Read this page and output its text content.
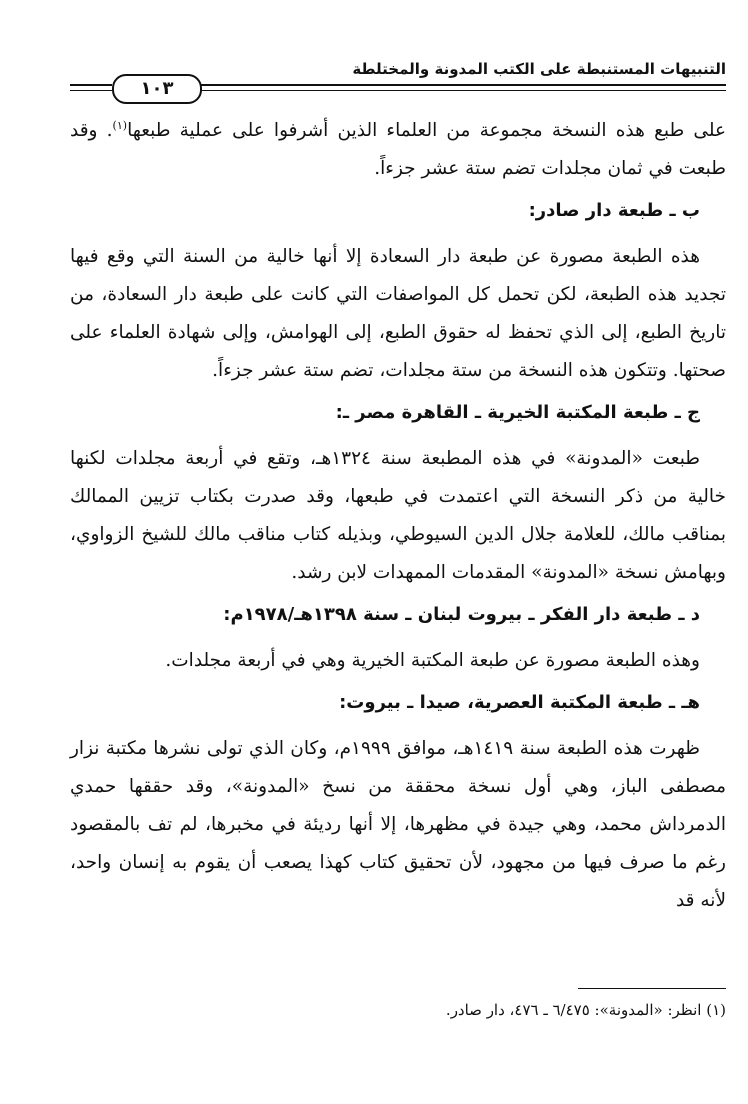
التنبيهات المستنبطة على الكتب المدونة والمختلطة
١٠٣

على طبع هذه النسخة مجموعة من العلماء الذين أشرفوا على عملية طبعها$^{(١)}$. وقد طبعت في ثمان مجلدات تضم ستة عشر جزءاً.

ب ـ طبعة دار صادر:

هذه الطبعة مصورة عن طبعة دار السعادة إلا أنها خالية من السنة التي وقع فيها تجديد هذه الطبعة، لكن تحمل كل المواصفات التي كانت على طبعة دار السعادة، من تاريخ الطبع، إلى الذي تحفظ له حقوق الطبع، إلى الهوامش، وإلى شهادة العلماء على صحتها. وتتكون هذه النسخة من ستة مجلدات، تضم ستة عشر جزءاً.

ج ـ طبعة المكتبة الخيرية ـ القاهرة مصر ـ:

طبعت «المدونة» في هذه المطبعة سنة ١٣٢٤هـ، وتقع في أربعة مجلدات لكنها خالية من ذكر النسخة التي اعتمدت في طبعها، وقد صدرت بكتاب تزيين الممالك بمناقب مالك، للعلامة جلال الدين السيوطي، وبذيله كتاب مناقب مالك للشيخ الزواوي، وبهامش نسخة «المدونة» المقدمات الممهدات لابن رشد.

د ـ طبعة دار الفكر ـ بيروت لبنان ـ سنة ١٣٩٨هـ/١٩٧٨م:

وهذه الطبعة مصورة عن طبعة المكتبة الخيرية وهي في أربعة مجلدات.

هـ ـ طبعة المكتبة العصرية، صيدا ـ بيروت:

ظهرت هذه الطبعة سنة ١٤١٩هـ، موافق ١٩٩٩م، وكان الذي تولى نشرها مكتبة نزار مصطفى الباز، وهي أول نسخة محققة من نسخ «المدونة»، وقد حققها حمدي الدمرداش محمد، وهي جيدة في مظهرها، إلا أنها رديئة في مخبرها، لم تف بالمقصود رغم ما صرف فيها من مجهود، لأن تحقيق كتاب كهذا يصعب أن يقوم به إنسان واحد، لأنه قد

(١) انظر: «المدونة»: ٦/٤٧٥ ـ ٤٧٦، دار صادر.
